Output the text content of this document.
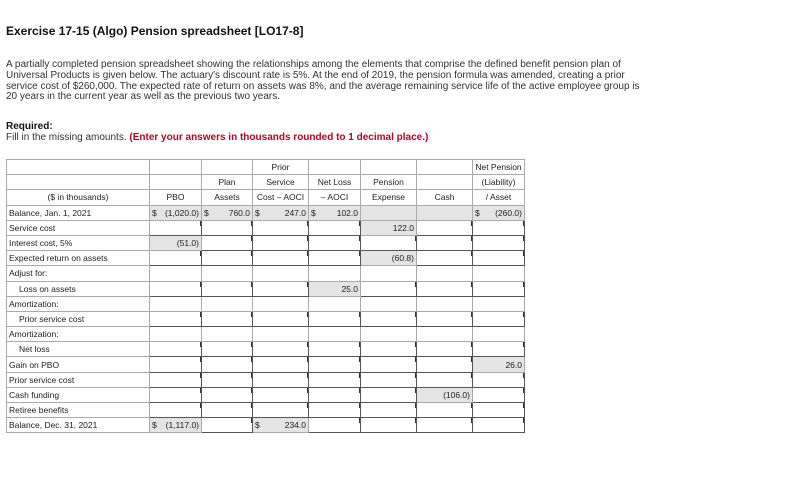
Exercise 17-15 (Algo) Pension spreadsheet [LO17-8]
A partially completed pension spreadsheet showing the relationships among the elements that comprise the defined benefit pension plan of Universal Products is given below. The actuary's discount rate is 5%. At the end of 2019, the pension formula was amended, creating a prior service cost of $260,000. The expected rate of return on assets was 8%, and the average remaining service life of the active employee group is 20 years in the current year as well as the previous two years.
Required:
Fill in the missing amounts. (Enter your answers in thousands rounded to 1 decimal place.)
			Prior				Net Pension
		Plan	Service	Net Loss	Pension		(Liability)
($ in thousands)	PBO	Assets	Cost – AOCI	– AOCI	Expense	Cash	/ Asset
Balance, Jan. 1, 2021	$ (1,020.0)	$ 760.0	$ 247.0	$ 102.0			$ (260.0)

Service cost					122.0		

Interest cost, 5%	(51.0)						

Expected return on assets					(60.8)		

Adjust for:							
Loss on assets				25.0			

Amortization:							
Prior service cost							
Amortization:							
Net loss							
Gain on PBO							26.0

Prior service cost							
Cash funding						(106.0)	

Retiree benefits							
Balance, Dec. 31, 2021	$ (1,117.0)		$ 234.0				
